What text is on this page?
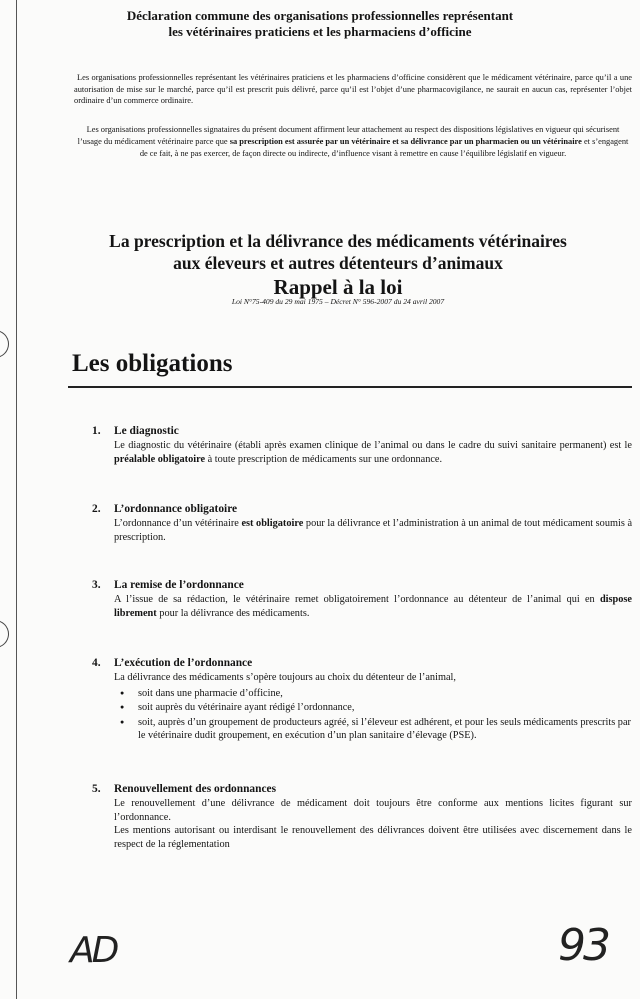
Déclaration commune des organisations professionnelles représentant
les vétérinaires praticiens et les pharmaciens d’officine
Les organisations professionnelles représentant les vétérinaires praticiens et les pharmaciens d’officine considèrent que le médicament vétérinaire, parce qu’il a une autorisation de mise sur le marché, parce qu’il est prescrit puis délivré, parce qu’il est l’objet d’une pharmacovigilance, ne saurait en aucun cas, représenter l’objet ordinaire d’un commerce ordinaire.
Les organisations professionnelles signataires du présent document affirment leur attachement au respect des dispositions législatives en vigueur qui sécurisent l’usage du médicament vétérinaire parce que sa prescription est assurée par un vétérinaire et sa délivrance par un pharmacien ou un vétérinaire et s’engagent de ce fait, à ne pas exercer, de façon directe ou indirecte, d’influence visant à remettre en cause l’équilibre législatif en vigueur.
La prescription et la délivrance des médicaments vétérinaires
aux éleveurs et autres détenteurs d’animaux
Rappel à la loi
Loi N°75-409 du 29 mai 1975 – Décret N° 596-2007 du 24 avril 2007
Les obligations
1. Le diagnostic
Le diagnostic du vétérinaire (établi après examen clinique de l’animal ou dans le cadre du suivi sanitaire permanent) est le préalable obligatoire à toute prescription de médicaments sur une ordonnance.
2. L’ordonnance obligatoire
L’ordonnance d’un vétérinaire est obligatoire pour la délivrance et l’administration à un animal de tout médicament soumis à prescription.
3. La remise de l’ordonnance
A l’issue de sa rédaction, le vétérinaire remet obligatoirement l’ordonnance au détenteur de l’animal qui en dispose librement pour la délivrance des médicaments.
4. L’exécution de l’ordonnance
La délivrance des médicaments s’opère toujours au choix du détenteur de l’animal,
● soit dans une pharmacie d’officine,
● soit auprès du vétérinaire ayant rédigé l’ordonnance,
● soit, auprès d’un groupement de producteurs agréé, si l’éleveur est adhérent, et pour les seuls médicaments prescrits par le vétérinaire dudit groupement, en exécution d’un plan sanitaire d’élevage (PSE).
5. Renouvellement des ordonnances
Le renouvellement d’une délivrance de médicament doit toujours être conforme aux mentions licites figurant sur l’ordonnance.
Les mentions autorisant ou interdisant le renouvellement des délivrances doivent être utilisées avec discernement dans le respect de la réglementation
AD	93
